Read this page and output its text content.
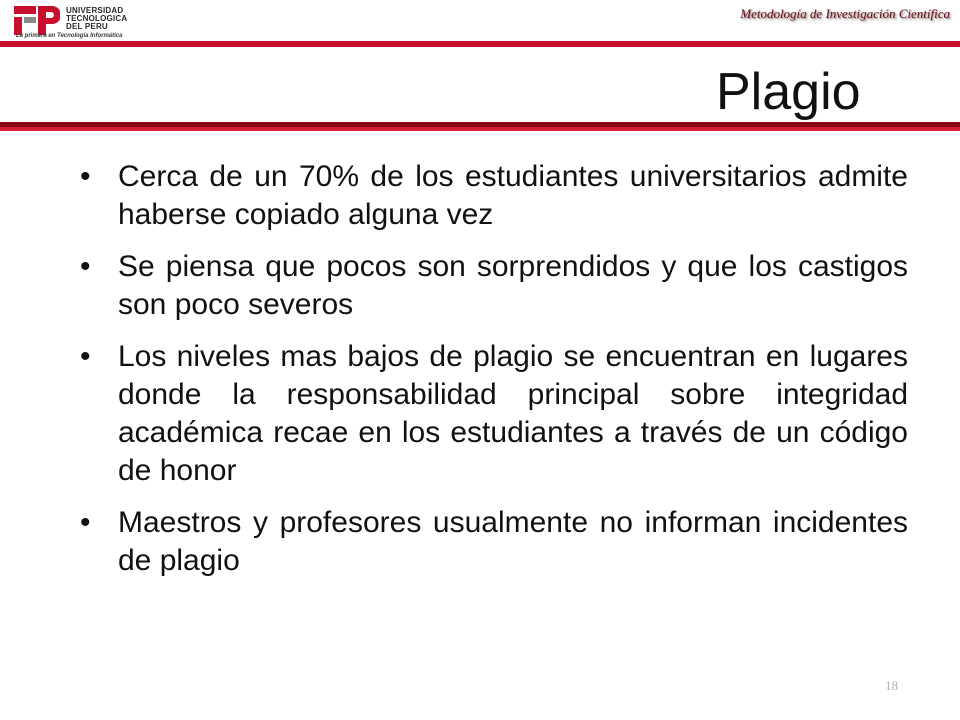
UNIVERSIDAD
TECNOLOGICA
DEL PERU
La primera en Tecnología Informática
Metodología de Investigación Científica
Plagio
• Cerca de un 70% de los estudiantes universitarios admite haberse copiado alguna vez
• Se piensa que pocos son sorprendidos y que los castigos son poco severos
• Los niveles mas bajos de plagio se encuentran en lugares donde la responsabilidad principal sobre integridad académica recae en los estudiantes a través de un código de honor
• Maestros y profesores usualmente no informan incidentes de plagio
18
